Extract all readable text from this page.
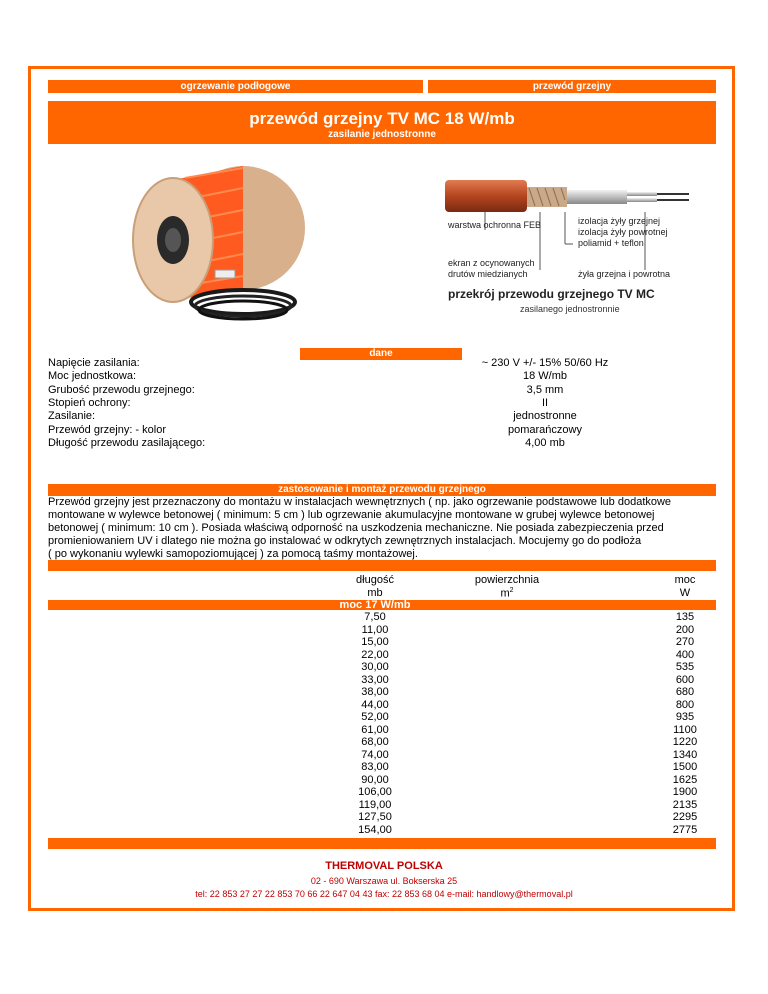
ogrzewanie podłogowe	przewód grzejny
przewód grzejny TV MC 18 W/mb
zasilanie jednostronne
warstwa ochronna FEB	izolacja żyły grzejnej
izolacja żyły powrotnej
poliamid + teflon
ekran z ocynowanych
drutów miedzianych	żyła grzejna i powrotna
przekrój przewodu grzejnego TV MC
zasilanego jednostronnie
dane
Napięcie zasilania:	~ 230 V +/- 15% 50/60 Hz
Moc jednostkowa:	18 W/mb
Grubość przewodu grzejnego:	3,5 mm
Stopień ochrony:	II
Zasilanie:	jednostronne
Przewód grzejny: - kolor	pomarańczowy
Długość przewodu zasilającego:	4,00 mb
zastosowanie i montaż przewodu grzejnego
Przewód grzejny jest przeznaczony do montażu w instalacjach wewnętrznych ( np. jako ogrzewanie podstawowe lub dodatkowe
montowane w wylewce betonowej ( minimum: 5 cm ) lub ogrzewanie akumulacyjne montowane w grubej wylewce betonowej
betonowej ( minimum: 10 cm ). Posiada właściwą odporność na uszkodzenia mechaniczne. Nie posiada zabezpieczenia przed
promieniowaniem UV i dlatego nie można go instalować w odkrytych zewnętrznych instalacjach. Mocujemy go do podłoża
( po wykonaniu wylewki samopoziomującej ) za pomocą taśmy montażowej.
długość
mb
powierzchnia
$m^2$
moc
W
moc 17 W/mb
7,50	135
11,00	200
15,00	270
22,00	400
30,00	535
33,00	600
38,00	680
44,00	800
52,00	935
61,00	1100
68,00	1220
74,00	1340
83,00	1500
90,00	1625
106,00	1900
119,00	2135
127,50	2295
154,00	2775
THERMOVAL POLSKA
02 - 690 Warszawa ul. Bokserska 25
tel: 22 853 27 27 22 853 70 66 22 647 04 43 fax: 22 853 68 04 e-mail: handlowy@thermoval.pl
